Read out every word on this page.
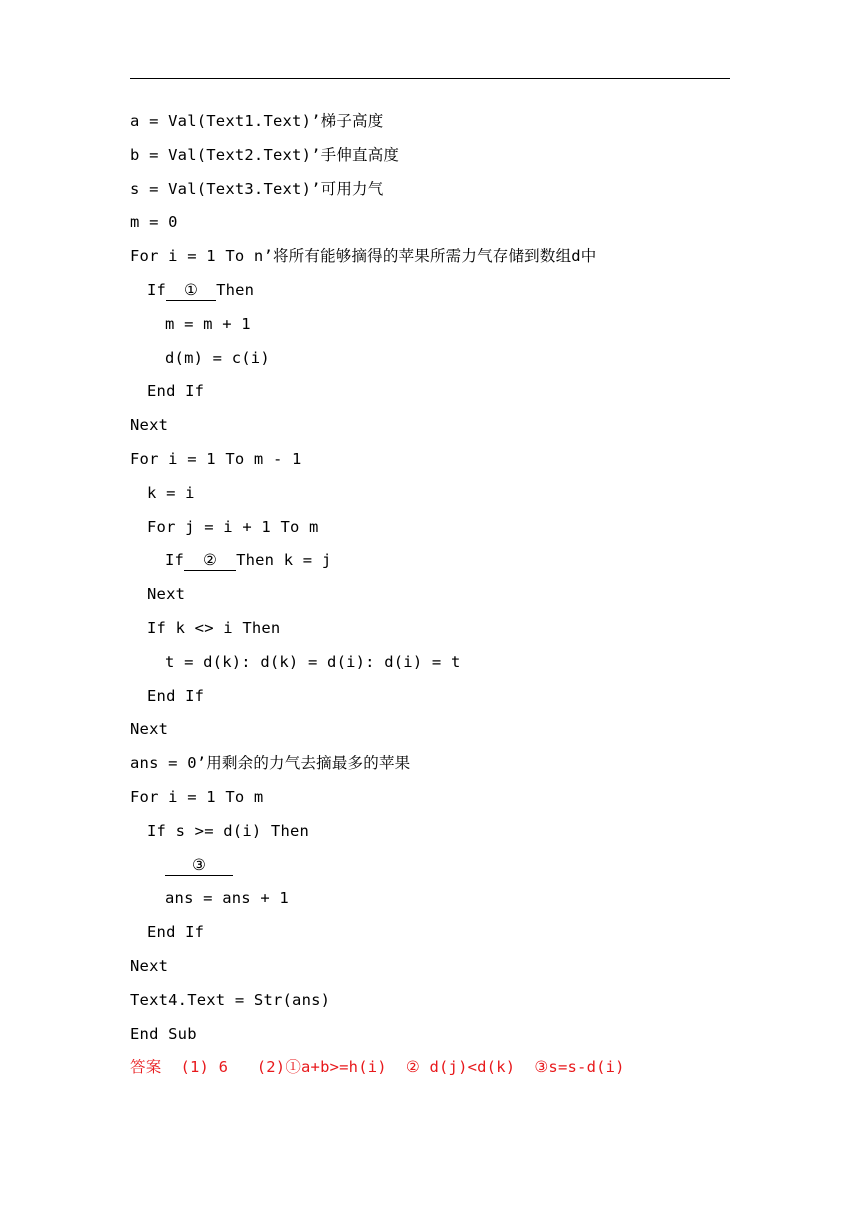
a = Val(Text1.Text)’梯子高度
b = Val(Text2.Text)’手伸直高度
s = Val(Text3.Text)’可用力气
m = 0
For i = 1 To n’将所有能够摘得的苹果所需力气存储到数组d中
If ① Then
m = m + 1
d(m) = c(i)
End If
Next
For i = 1 To m - 1
k = i
For j = i + 1 To m
If ② Then k = j
Next
If k <> i Then
t = d(k): d(k) = d(i): d(i) = t
End If
Next
ans = 0’用剩余的力气去摘最多的苹果
For i = 1 To m
If s >= d(i) Then
③
ans = ans + 1
End If
Next
Text4.Text = Str(ans)
End Sub
答案  (1) 6   (2)①a+b>=h(i)  ② d(j)<d(k)  ③s=s-d(i)
